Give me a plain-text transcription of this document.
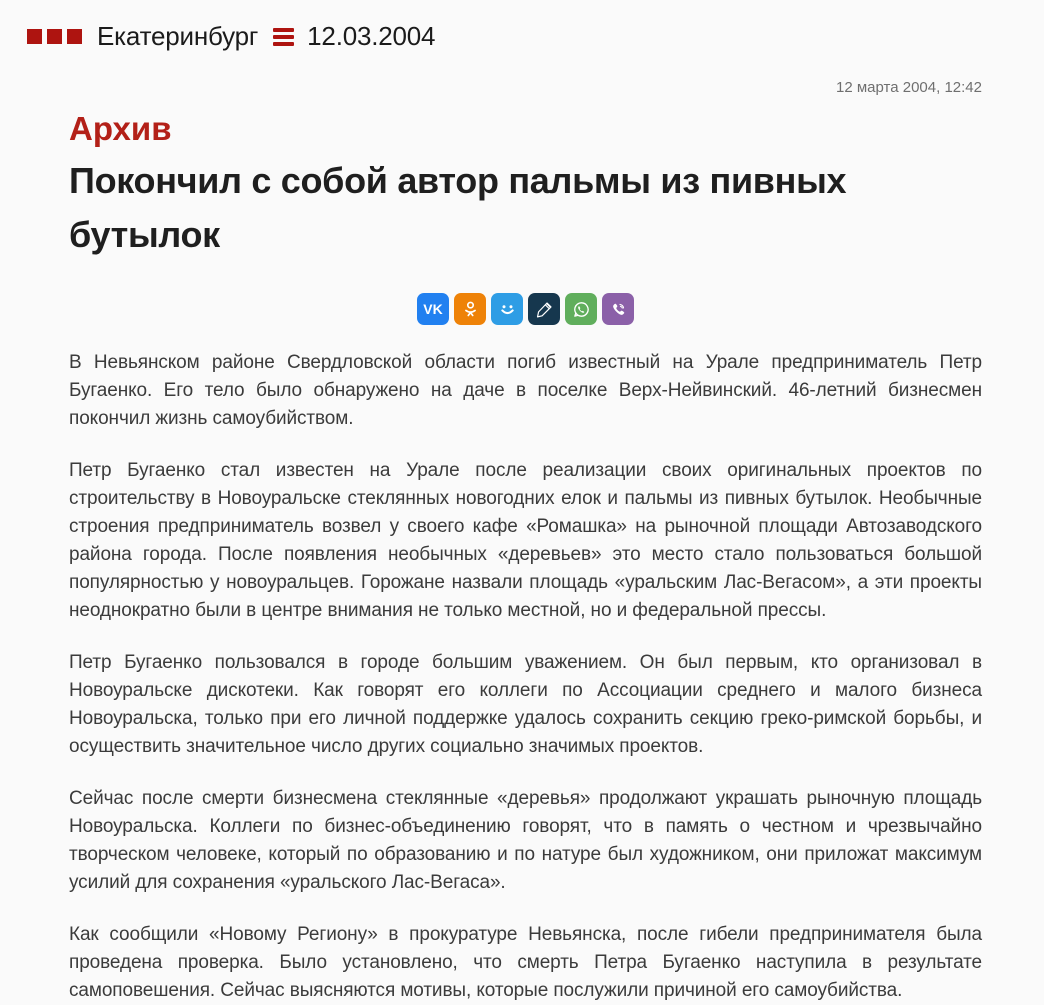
Екатеринбург 12.03.2004
12 марта 2004, 12:42
Архив
Покончил с собой автор пальмы из пивных бутылок
VK

В Невьянском районе Свердловской области погиб известный на Урале предприниматель Петр Бугаенко. Его тело было обнаружено на даче в поселке Верх-Нейвинский. 46-летний бизнесмен покончил жизнь самоубийством.

Петр Бугаенко стал известен на Урале после реализации своих оригинальных проектов по строительству в Новоуральске стеклянных новогодних елок и пальмы из пивных бутылок. Необычные строения предприниматель возвел у своего кафе «Ромашка» на рыночной площади Автозаводского района города. После появления необычных «деревьев» это место стало пользоваться большой популярностью у новоуральцев. Горожане назвали площадь «уральским Лас-Вегасом», а эти проекты неоднократно были в центре внимания не только местной, но и федеральной прессы.

Петр Бугаенко пользовался в городе большим уважением. Он был первым, кто организовал в Новоуральске дискотеки. Как говорят его коллеги по Ассоциации среднего и малого бизнеса Новоуральска, только при его личной поддержке удалось сохранить секцию греко-римской борьбы, и осуществить значительное число других социально значимых проектов.

Сейчас после смерти бизнесмена стеклянные «деревья» продолжают украшать рыночную площадь Новоуральска. Коллеги по бизнес-объединению говорят, что в память о честном и чрезвычайно творческом человеке, который по образованию и по натуре был художником, они приложат максимум усилий для сохранения «уральского Лас-Вегаса».

Как сообщили «Новому Региону» в прокуратуре Невьянска, после гибели предпринимателя была проведена проверка. Было установлено, что смерть Петра Бугаенко наступила в результате самоповешения. Сейчас выясняются мотивы, которые послужили причиной его самоубийства.
